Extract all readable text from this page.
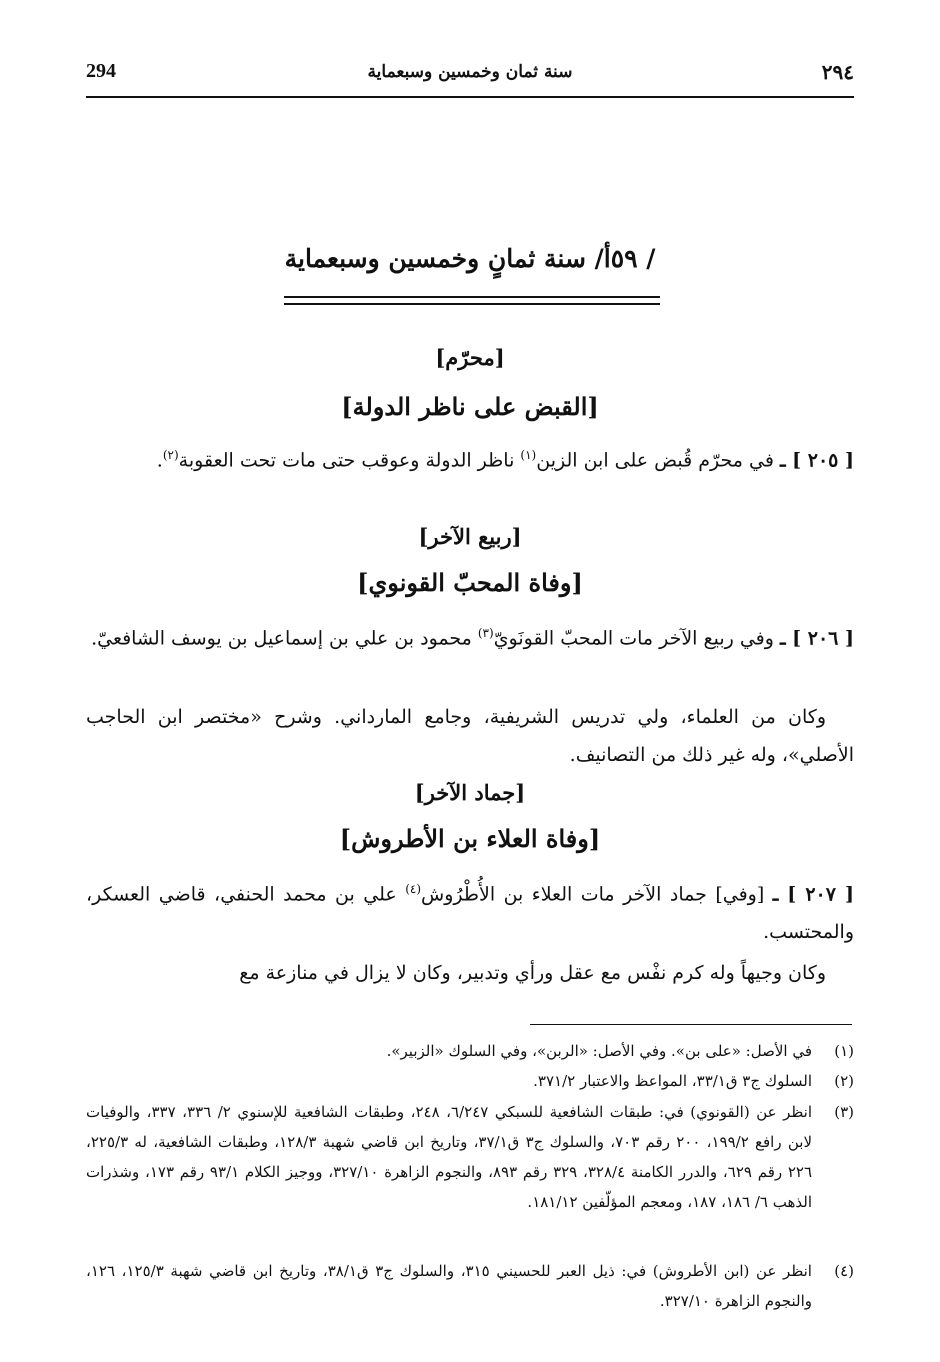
294	سنة ثمان وخمسين وسبعماية	٢٩٤
/ ٥٩أ/ سنة ثمانٍ وخمسين وسبعماية
[محرّم]
[القبض على ناظر الدولة]
[ ٢٠٥ ] ـ في محرّم قُبض على ابن الزين$^{(١)}$ ناظر الدولة وعوقب حتى مات تحت العقوبة$^{(٢)}$.
[ربيع الآخر]
[وفاة المحبّ القونوي]
[ ٢٠٦ ] ـ وفي ربيع الآخر مات المحبّ القونَويّ$^{(٣)}$ محمود بن علي بن إسماعيل بن يوسف الشافعيّ.
وكان من العلماء، ولي تدريس الشريفية، وجامع المارداني. وشرح «مختصر ابن الحاجب الأصلي»، وله غير ذلك من التصانيف.
[جماد الآخر]
[وفاة العلاء بن الأطروش]
[ ٢٠٧ ] ـ [وفي] جماد الآخر مات العلاء بن الأُطْرُوش$^{(٤)}$ علي بن محمد الحنفي، قاضي العسكر، والمحتسب.
وكان وجيهاً وله كرم نفْس مع عقل ورأي وتدبير، وكان لا يزال في منازعة مع
(١)
في الأصل: «على بن». وفي الأصل: «الربن»، وفي السلوك «الزبير».
(٢)
السلوك ج٣ ق٣٣/١، المواعظ والاعتبار ٣٧١/٢.
(٣)
انظر عن (القونوي) في: طبقات الشافعية للسبكي ٦/٢٤٧، ٢٤٨، وطبقات الشافعية للإسنوي ٢/ ٣٣٦، ٣٣٧، والوفيات لابن رافع ١٩٩/٢، ٢٠٠ رقم ٧٠٣، والسلوك ج٣ ق٣٧/١، وتاريخ ابن قاضي شهبة ١٢٨/٣، وطبقات الشافعية، له ٢٢٥/٣، ٢٢٦ رقم ٦٢٩، والدرر الكامنة ٣٢٨/٤، ٣٢٩ رقم ٨٩٣، والنجوم الزاهرة ٣٢٧/١٠، ووجيز الكلام ٩٣/١ رقم ١٧٣، وشذرات الذهب ٦/ ١٨٦، ١٨٧، ومعجم المؤلّفين ١٨١/١٢.
(٤)
انظر عن (ابن الأطروش) في: ذيل العبر للحسيني ٣١٥، والسلوك ج٣ ق٣٨/١، وتاريخ ابن قاضي شهبة ١٢٥/٣، ١٢٦، والنجوم الزاهرة ٣٢٧/١٠.
